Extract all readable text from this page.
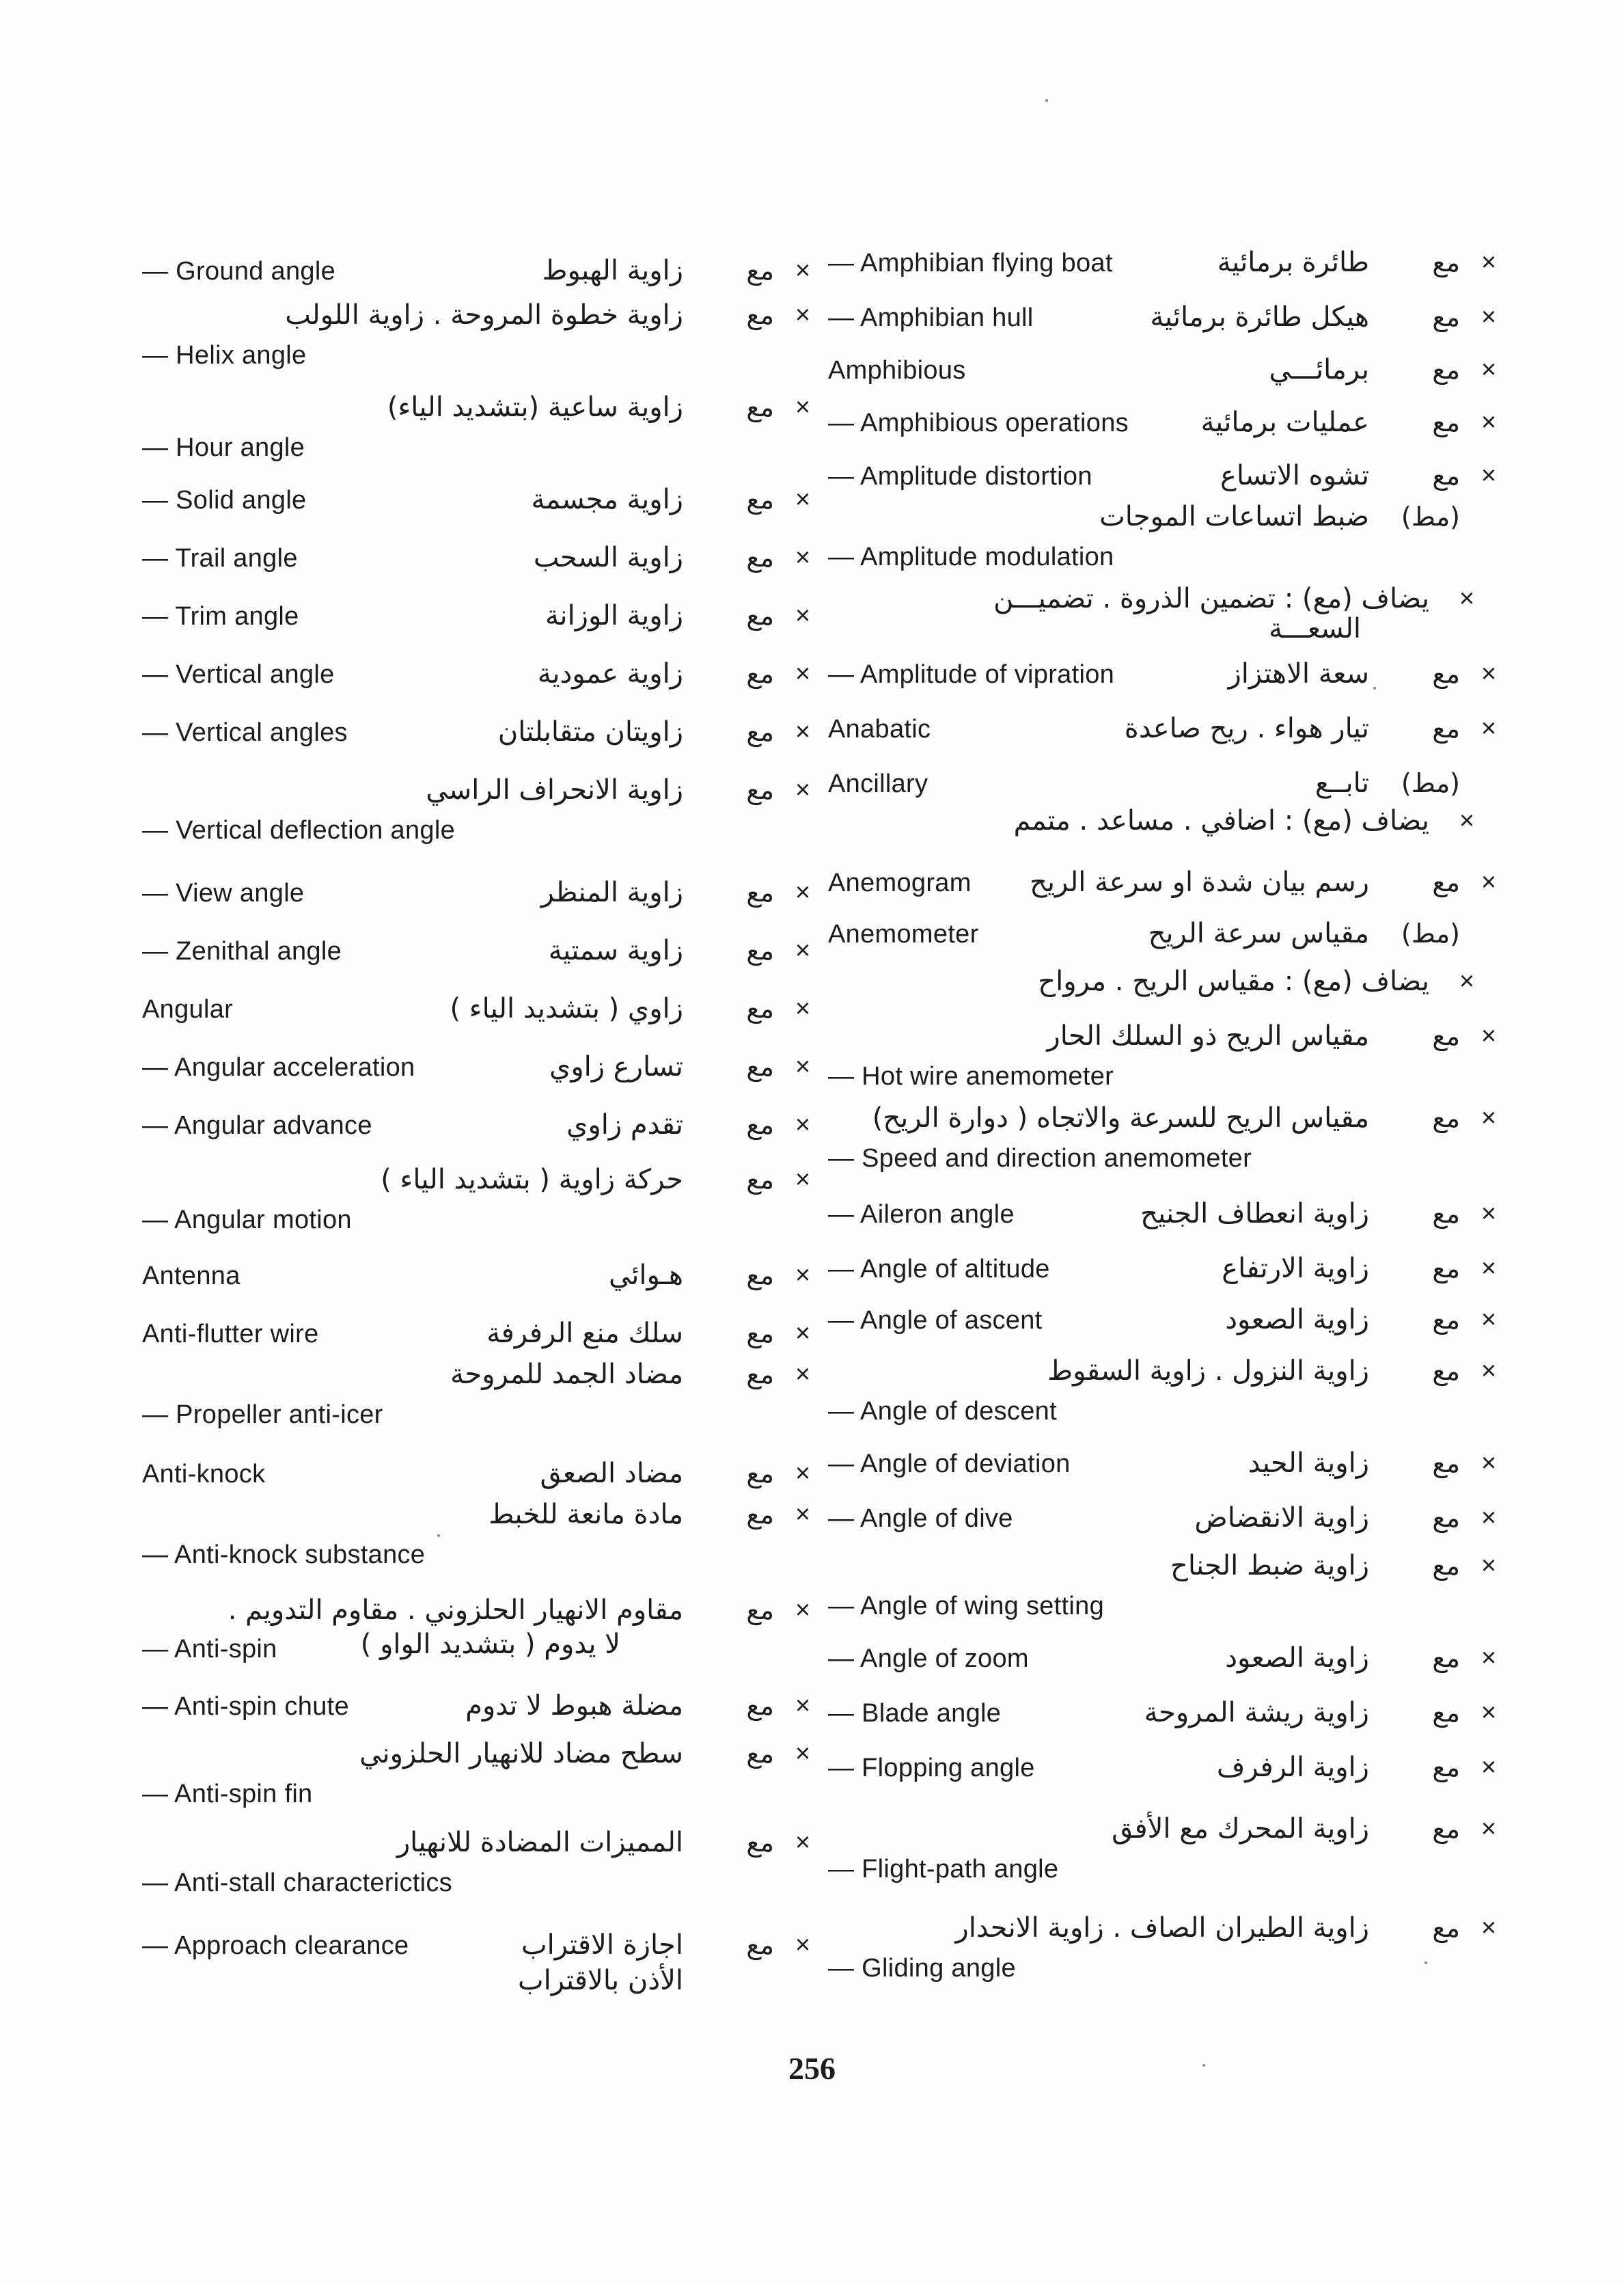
×
مع
زاوية الهبوط
— Ground angle
×
مع
زاوية خطوة المروحة . زاوية اللولب
— Helix angle
×
مع
زاوية ساعية (بتشديد الياء)
— Hour angle
×
مع
زاوية مجسمة
— Solid angle
×
مع
زاوية السحب
— Trail angle
×
مع
زاوية الوزانة
— Trim angle
×
مع
زاوية عمودية
— Vertical angle
×
مع
زاويتان متقابلتان
— Vertical angles
×
مع
زاوية الانحراف الراسي
— Vertical deflection angle
×
مع
زاوية المنظر
— View angle
×
مع
زاوية سمتية
— Zenithal angle
×
مع
زاوي ( بتشديد الياء )
Angular
×
مع
تسارع زاوي
— Angular acceleration
×
مع
تقدم زاوي
— Angular advance
×
مع
حركة زاوية ( بتشديد الياء )
— Angular motion
×
مع
هـوائي
Antenna
×
مع
سلك منع الرفرفة
Anti-flutter wire
×
مع
مضاد الجمد للمروحة
— Propeller anti-icer
×
مع
مضاد الصعق
Anti-knock
×
مع
مادة مانعة للخبط
— Anti-knock substance
لا يدوم ( بتشديد الواو )
×
مع
مقاوم الانهيار الحلزوني . مقاوم التدويم .
— Anti-spin
×
مع
مضلة هبوط لا تدوم
— Anti-spin chute
×
مع
سطح مضاد للانهيار الحلزوني
— Anti-spin fin
×
مع
المميزات المضادة للانهيار
— Anti-stall characterictics
الأذن بالاقتراب
×
مع
اجازة الاقتراب
— Approach clearance
×
مع
طائرة برمائية
— Amphibian flying boat
×
مع
هيكل طائرة برمائية
— Amphibian hull
×
مع
برمائـــي
Amphibious
×
مع
عمليات برمائية
— Amphibious operations
×
مع
تشوه الاتساع
— Amplitude distortion
(مط)
ضبط اتساعات الموجات
— Amplitude modulation
السعـــة
×
يضاف (مع) : تضمين الذروة . تضميـــن
×
مع
سعة الاهتزاز
— Amplitude of vipration
×
مع
تيار هواء . ريح صاعدة
Anabatic
(مط)
تابــع
Ancillary
×
يضاف (مع) : اضافي . مساعد . متمم
×
مع
رسم بيان شدة او سرعة الريح
Anemogram
(مط)
مقياس سرعة الريح
Anemometer
×
يضاف (مع) : مقياس الريح . مرواح
×
مع
مقياس الريح ذو السلك الحار
— Hot wire anemometer
×
مع
مقياس الريح للسرعة والاتجاه ( دوارة الريح)
— Speed and direction anemometer
×
مع
زاوية انعطاف الجنيح
— Aileron angle
×
مع
زاوية الارتفاع
— Angle of altitude
×
مع
زاوية الصعود
— Angle of ascent
×
مع
زاوية النزول . زاوية السقوط
— Angle of descent
×
مع
زاوية الحيد
— Angle of deviation
×
مع
زاوية الانقضاض
— Angle of dive
×
مع
زاوية ضبط الجناح
— Angle of wing setting
×
مع
زاوية الصعود
— Angle of zoom
×
مع
زاوية ريشة المروحة
— Blade angle
×
مع
زاوية الرفرف
— Flopping angle
×
مع
زاوية المحرك مع الأفق
— Flight-path angle
×
مع
زاوية الطيران الصاف . زاوية الانحدار
— Gliding angle
256
